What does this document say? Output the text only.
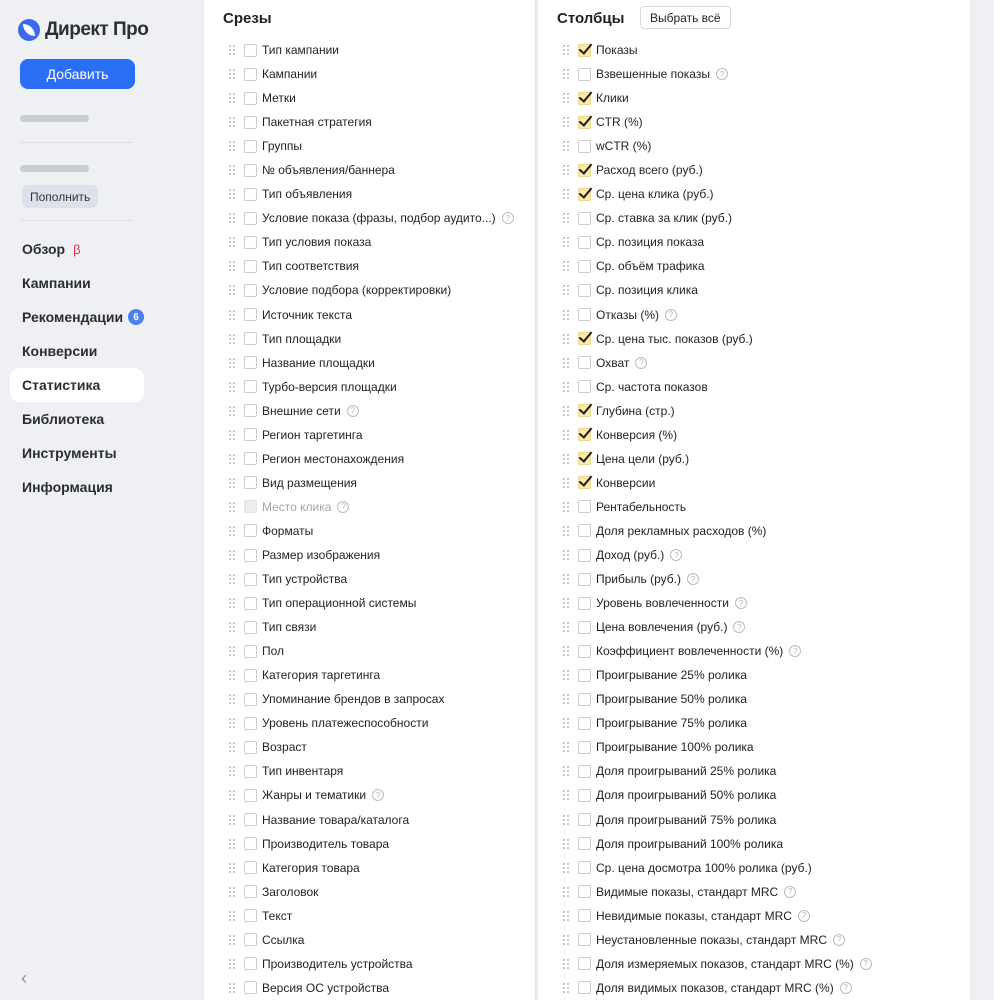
Директ Про
Добавить
Пополнить
Обзор β
Кампании
Рекомендации	6
Конверсии
Статистика
Библиотека
Инструменты
Информация
‹
Срезы
Тип кампании
Кампании
Метки
Пакетная стратегия
Группы
№ объявления/баннера
Тип объявления
Условие показа (фразы, подбор аудито...)	?
Тип условия показа
Тип соответствия
Условие подбора (корректировки)
Источник текста
Тип площадки
Название площадки
Турбо-версия площадки
Внешние сети	?
Регион таргетинга
Регион местонахождения
Вид размещения
Место клика	?
Форматы
Размер изображения
Тип устройства
Тип операционной системы
Тип связи
Пол
Категория таргетинга
Упоминание брендов в запросах
Уровень платежеспособности
Возраст
Тип инвентаря
Жанры и тематики	?
Название товара/каталога
Производитель товара
Категория товара
Заголовок
Текст
Ссылка
Производитель устройства
Версия ОС устройства
Столбцы	Выбрать всё
Показы
Взвешенные показы	?
Клики
CTR (%)
wCTR (%)
Расход всего (руб.)
Ср. цена клика (руб.)
Ср. ставка за клик (руб.)
Ср. позиция показа
Ср. объём трафика
Ср. позиция клика
Отказы (%)	?
Ср. цена тыс. показов (руб.)
Охват	?
Ср. частота показов
Глубина (стр.)
Конверсия (%)
Цена цели (руб.)
Конверсии
Рентабельность
Доля рекламных расходов (%)
Доход (руб.)	?
Прибыль (руб.)	?
Уровень вовлеченности	?
Цена вовлечения (руб.)	?
Коэффициент вовлеченности (%)	?
Проигрывание 25% ролика
Проигрывание 50% ролика
Проигрывание 75% ролика
Проигрывание 100% ролика
Доля проигрываний 25% ролика
Доля проигрываний 50% ролика
Доля проигрываний 75% ролика
Доля проигрываний 100% ролика
Ср. цена досмотра 100% ролика (руб.)
Видимые показы, стандарт MRC	?
Невидимые показы, стандарт MRC	?
Неустановленные показы, стандарт MRC	?
Доля измеряемых показов, стандарт MRC (%)	?
Доля видимых показов, стандарт MRC (%)	?
